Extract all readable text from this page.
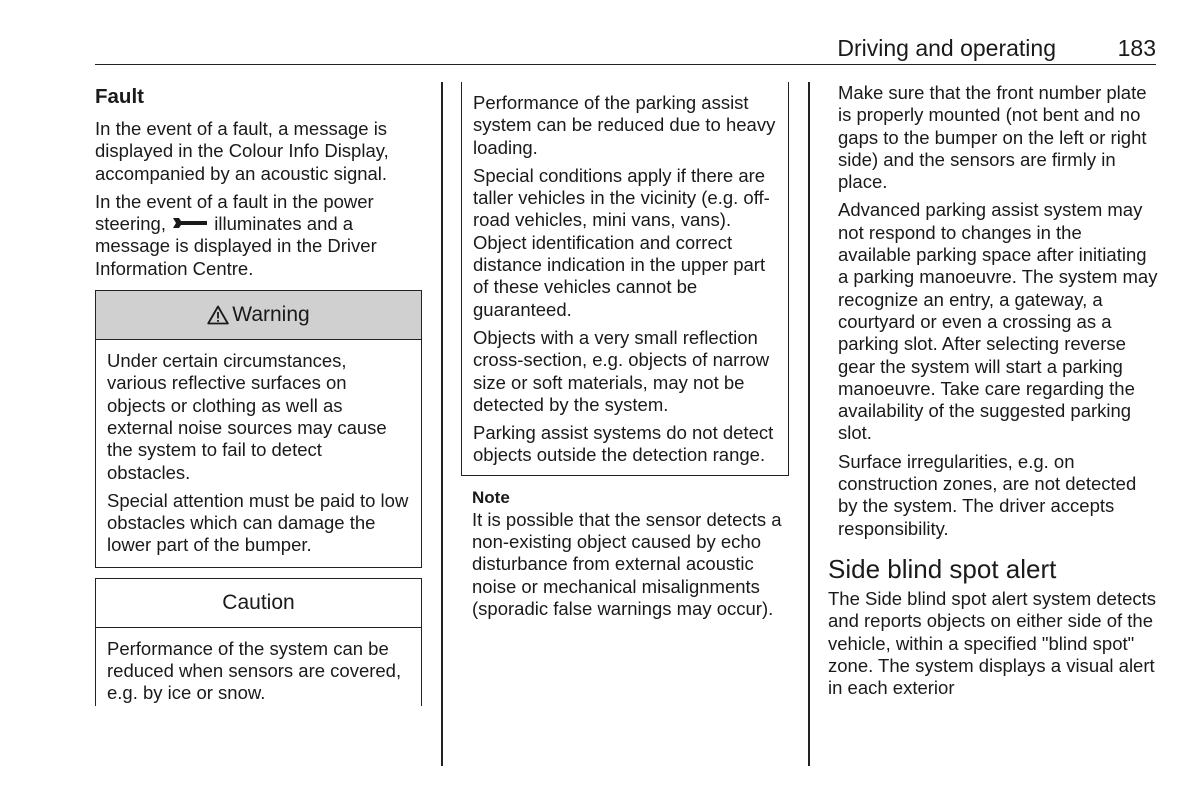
Driving and operating	183
Fault

In the event of a fault, a message is displayed in the Colour Info Display, accompanied by an acoustic signal.

In the event of a fault in the power steering,	illuminates and a message is displayed in the Driver Information Centre.

Warning

Under certain circumstances, various reflective surfaces on objects or clothing as well as external noise sources may cause the system to fail to detect obstacles.

Special attention must be paid to low obstacles which can damage the lower part of the bumper.

Caution

Performance of the system can be reduced when sensors are covered, e.g. by ice or snow.

Performance of the parking assist system can be reduced due to heavy loading.

Special conditions apply if there are taller vehicles in the vicinity (e.g. off-road vehicles, mini vans, vans). Object identification and correct distance indication in the upper part of these vehicles cannot be guaranteed.

Objects with a very small reflection cross-section, e.g. objects of narrow size or soft materials, may not be detected by the system.

Parking assist systems do not detect objects outside the detection range.

Note

It is possible that the sensor detects a non-existing object caused by echo disturbance from external acoustic noise or mechanical misalignments (sporadic false warnings may occur).

Make sure that the front number plate is properly mounted (not bent and no gaps to the bumper on the left or right side) and the sensors are firmly in place.

Advanced parking assist system may not respond to changes in the available parking space after initiating a parking manoeuvre. The system may recognize an entry, a gateway, a courtyard or even a crossing as a parking slot. After selecting reverse gear the system will start a parking manoeuvre. Take care regarding the availability of the suggested parking slot.

Surface irregularities, e.g. on construction zones, are not detected by the system. The driver accepts responsibility.

Side blind spot alert

The Side blind spot alert system detects and reports objects on either side of the vehicle, within a specified "blind spot" zone. The system displays a visual alert in each exterior
